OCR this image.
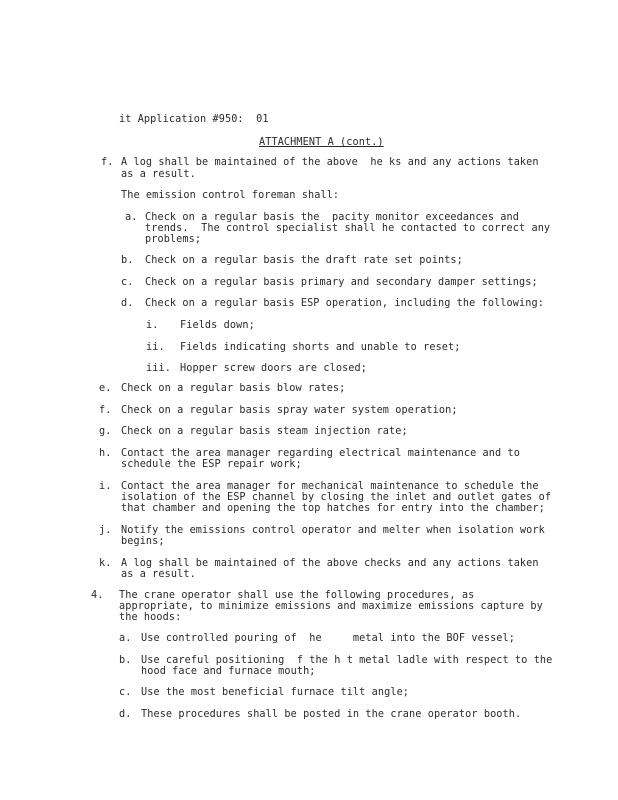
it Application #950:  01
ATTACHMENT A (cont.)
f. A log shall be maintained of the above  he ks and any actions taken
as a result.
The emission control foreman shall:
a. Check on a regular basis the  pacity monitor exceedances and
trends.  The control specialist shall he contacted to correct any
problems;
b. Check on a regular basis the draft rate set points;
c. Check on a regular basis primary and secondary damper settings;
d. Check on a regular basis ESP operation, including the following:
i. Fields down;
ii. Fields indicating shorts and unable to reset;
iii. Hopper screw doors are closed;
e. Check on a regular basis blow rates;
f. Check on a regular basis spray water system operation;
g. Check on a regular basis steam injection rate;
h. Contact the area manager regarding electrical maintenance and to
schedule the ESP repair work;
i. Contact the area manager for mechanical maintenance to schedule the
isolation of the ESP channel by closing the inlet and outlet gates of
that chamber and opening the top hatches for entry into the chamber;
j. Notify the emissions control operator and melter when isolation work
begins;
k. A log shall be maintained of the above checks and any actions taken
as a result.
4. The crane operator shall use the following procedures, as
appropriate, to minimize emissions and maximize emissions capture by
the hoods:
a. Use controlled pouring of  he     metal into the BOF vessel;
b. Use careful positioning  f the h t metal ladle with respect to the
hood face and furnace mouth;
c. Use the most beneficial furnace tilt angle;
d. These procedures shall be posted in the crane operator booth.
